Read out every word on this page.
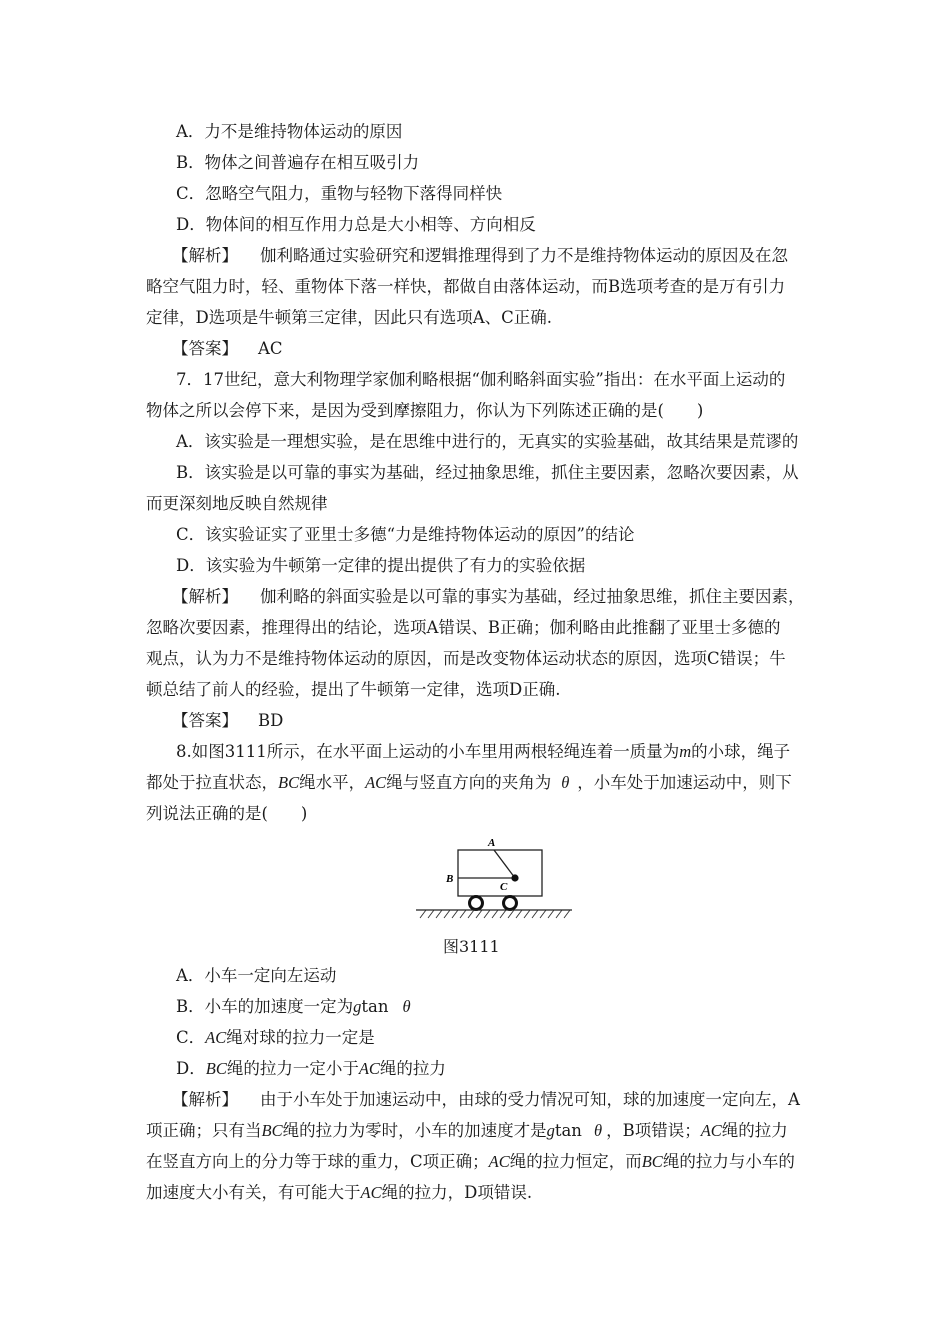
A．力不是维持物体运动的原因
B．物体之间普遍存在相互吸引力
C．忽略空气阻力，重物与轻物下落得同样快
D．物体间的相互作用力总是大小相等、方向相反
【解析】 伽利略通过实验研究和逻辑推理得到了力不是维持物体运动的原因及在忽
略空气阻力时，轻、重物体下落一样快，都做自由落体运动，而B选项考查的是万有引力
定律，D选项是牛顿第三定律，因此只有选项A、C正确.
【答案】 AC
7．17世纪，意大利物理学家伽利略根据“伽利略斜面实验”指出：在水平面上运动的
物体之所以会停下来，是因为受到摩擦阻力，你认为下列陈述正确的是(　　)
A．该实验是一理想实验，是在思维中进行的，无真实的实验基础，故其结果是荒谬的
B．该实验是以可靠的事实为基础，经过抽象思维，抓住主要因素，忽略次要因素，从
而更深刻地反映自然规律
C．该实验证实了亚里士多德“力是维持物体运动的原因”的结论
D．该实验为牛顿第一定律的提出提供了有力的实验依据
【解析】 伽利略的斜面实验是以可靠的事实为基础，经过抽象思维，抓住主要因素，
忽略次要因素，推理得出的结论，选项A错误、B正确；伽利略由此推翻了亚里士多德的
观点，认为力不是维持物体运动的原因，而是改变物体运动状态的原因，选项C错误；牛
顿总结了前人的经验，提出了牛顿第一定律，选项D正确.
【答案】 BD
8.如图3111所示，在水平面上运动的小车里用两根轻绳连着一质量为m的小球，绳子
都处于拉直状态，BC绳水平，AC绳与竖直方向的夹角为 θ ，小车处于加速运动中，则下
列说法正确的是(　　)
A
B
C
图3111
A．小车一定向左运动
B．小车的加速度一定为gtan θ
C．AC绳对球的拉力一定是
D．BC绳的拉力一定小于AC绳的拉力
【解析】 由于小车处于加速运动中，由球的受力情况可知，球的加速度一定向左，A
项正确；只有当BC绳的拉力为零时，小车的加速度才是gtan θ ，B项错误；AC绳的拉力
在竖直方向上的分力等于球的重力，C项正确；AC绳的拉力恒定，而BC绳的拉力与小车的
加速度大小有关，有可能大于AC绳的拉力，D项错误.
